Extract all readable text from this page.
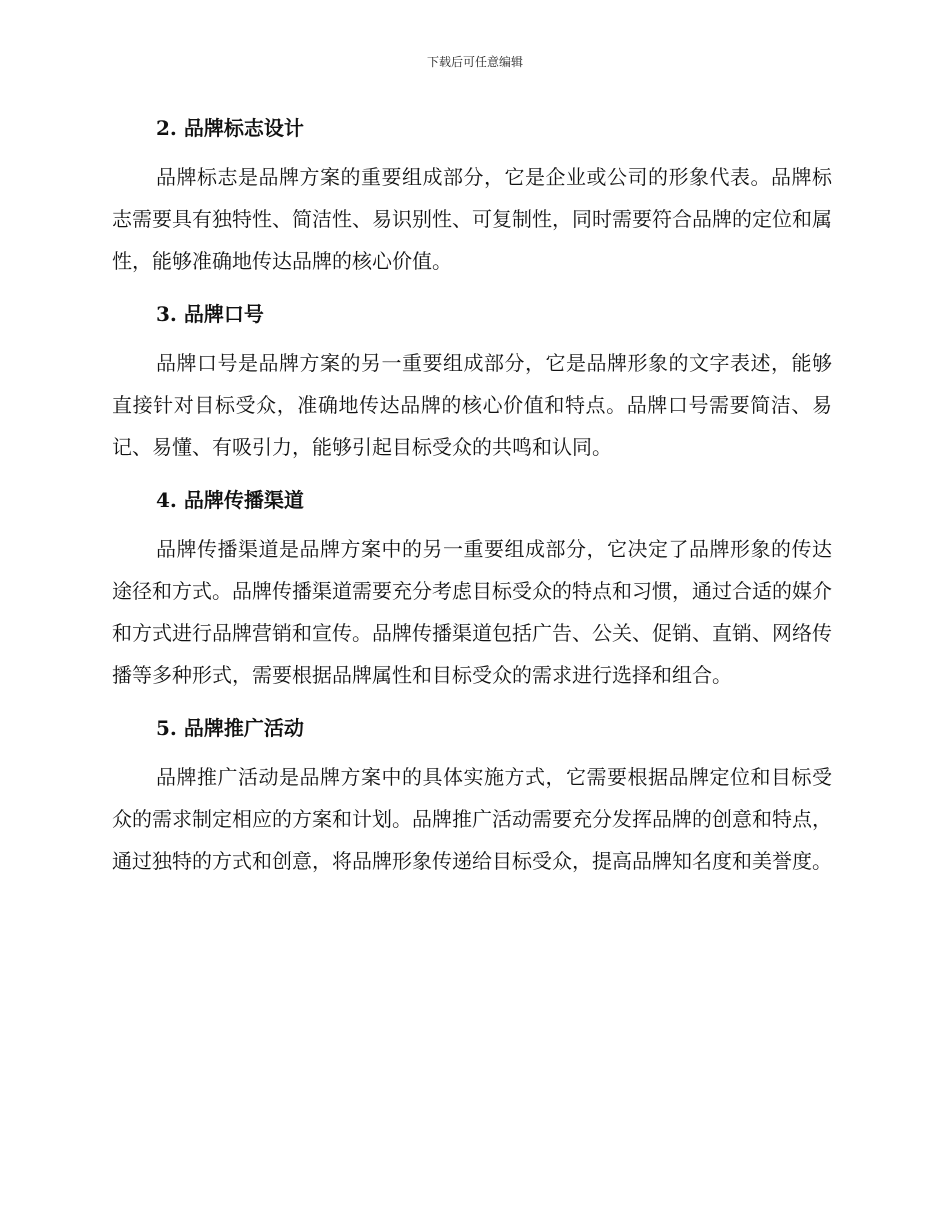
下载后可任意编辑
2. 品牌标志设计

品牌标志是品牌方案的重要组成部分，它是企业或公司的形象代表。品牌标志需要具有独特性、简洁性、易识别性、可复制性，同时需要符合品牌的定位和属性，能够准确地传达品牌的核心价值。

3. 品牌口号

品牌口号是品牌方案的另一重要组成部分，它是品牌形象的文字表述，能够直接针对目标受众，准确地传达品牌的核心价值和特点。品牌口号需要简洁、易记、易懂、有吸引力，能够引起目标受众的共鸣和认同。

4. 品牌传播渠道

品牌传播渠道是品牌方案中的另一重要组成部分，它决定了品牌形象的传达途径和方式。品牌传播渠道需要充分考虑目标受众的特点和习惯，通过合适的媒介和方式进行品牌营销和宣传。品牌传播渠道包括广告、公关、促销、直销、网络传播等多种形式，需要根据品牌属性和目标受众的需求进行选择和组合。

5. 品牌推广活动

品牌推广活动是品牌方案中的具体实施方式，它需要根据品牌定位和目标受众的需求制定相应的方案和计划。品牌推广活动需要充分发挥品牌的创意和特点，通过独特的方式和创意，将品牌形象传递给目标受众，提高品牌知名度和美誉度。
